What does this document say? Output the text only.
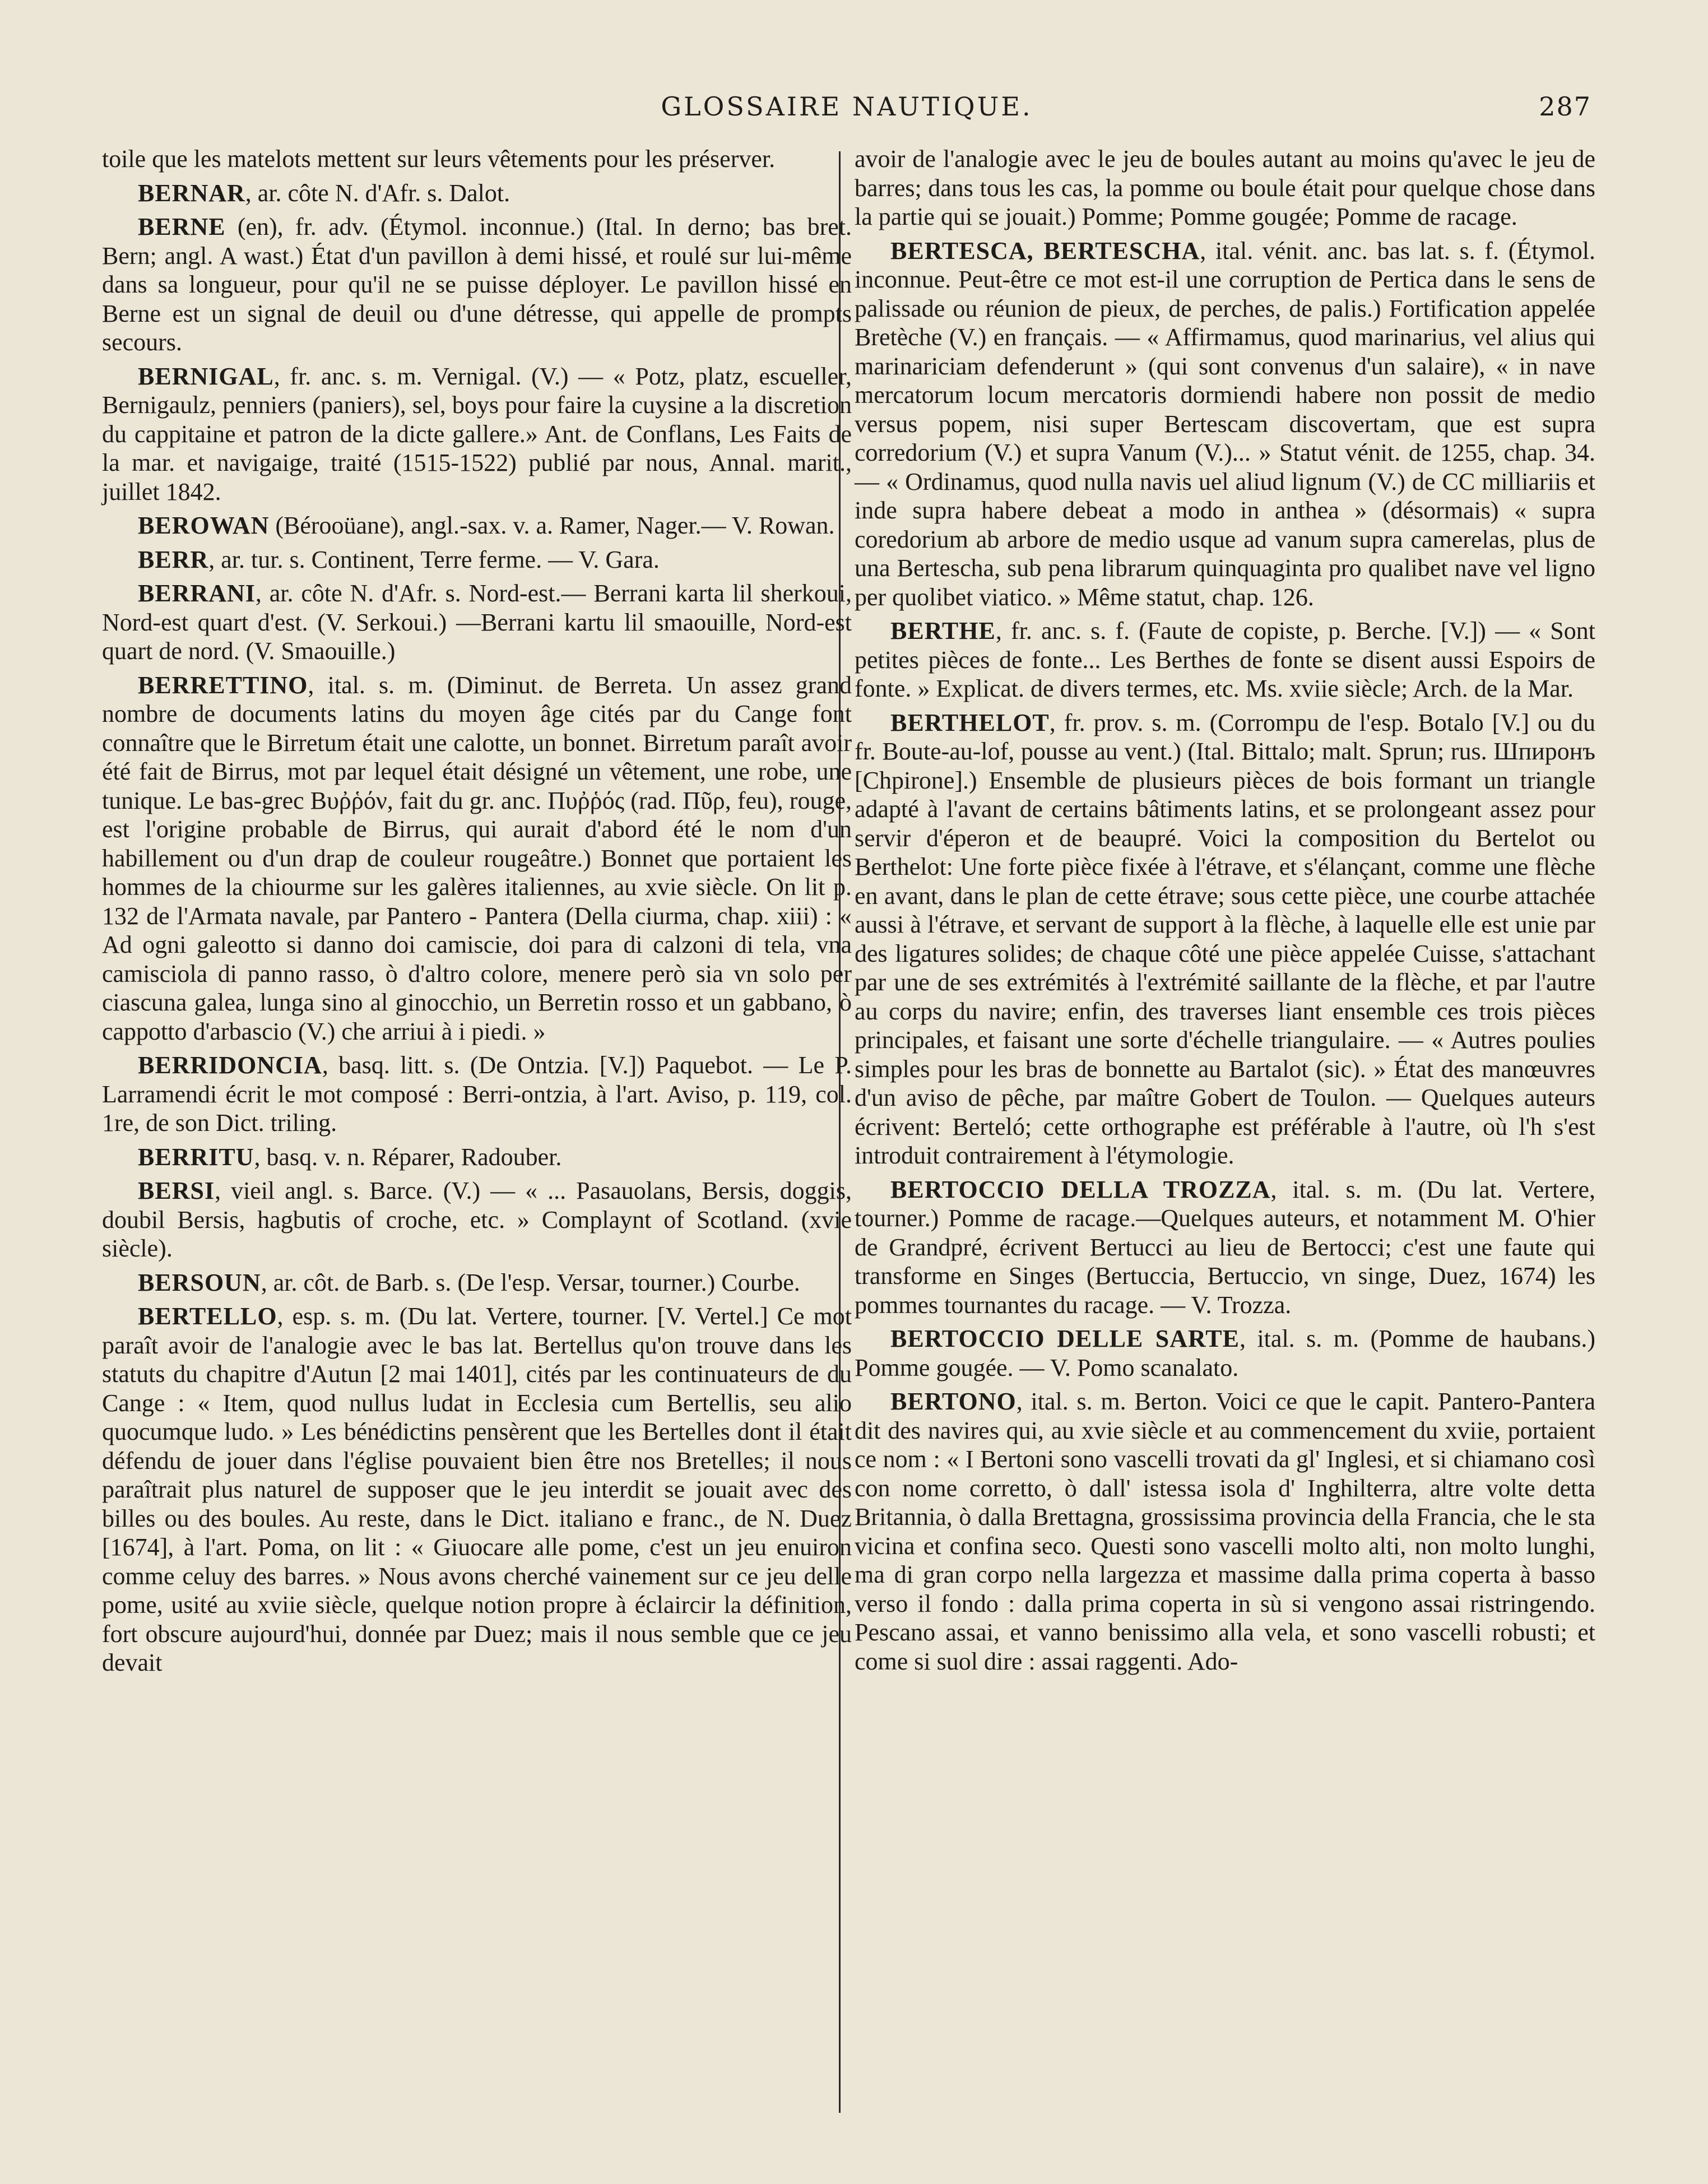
GLOSSAIRE NAUTIQUE.	287

toile que les matelots mettent sur leurs vêtements pour les préserver.

BERNAR, ar. côte N. d'Afr. s. Dalot.

BERNE (en), fr. adv. (Étymol. inconnue.) (Ital. In derno; bas bret. Bern; angl. A wast.) État d'un pavillon à demi hissé, et roulé sur lui-même dans sa longueur, pour qu'il ne se puisse déployer. Le pavillon hissé en Berne est un signal de deuil ou d'une détresse, qui appelle de prompts secours.

BERNIGAL, fr. anc. s. m. Vernigal. (V.) — « Potz, platz, escueller, Bernigaulz, penniers (paniers), sel, boys pour faire la cuysine a la discretion du cappitaine et patron de la dicte gallere.» Ant. de Conflans, Les Faits de la mar. et navigaige, traité (1515-1522) publié par nous, Annal. marit., juillet 1842.

BEROWAN (Bérooüane), angl.-sax. v. a. Ramer, Nager.— V. Rowan.

BERR, ar. tur. s. Continent, Terre ferme. — V. Gara.

BERRANI, ar. côte N. d'Afr. s. Nord-est.— Berrani karta lil sherkoui, Nord-est quart d'est. (V. Serkoui.) —Berrani kartu lil smaouille, Nord-est quart de nord. (V. Smaouille.)

BERRETTINO, ital. s. m. (Diminut. de Berreta. Un assez grand nombre de documents latins du moyen âge cités par du Cange font connaître que le Birretum était une calotte, un bonnet. Birretum paraît avoir été fait de Birrus, mot par lequel était désigné un vêtement, une robe, une tunique. Le bas-grec Βυῤῥόν, fait du gr. anc. Πυῤῥός (rad. Πῦρ, feu), rouge, est l'origine probable de Birrus, qui aurait d'abord été le nom d'un habillement ou d'un drap de couleur rougeâtre.) Bonnet que portaient les hommes de la chiourme sur les galères italiennes, au xvie siècle. On lit p. 132 de l'Armata navale, par Pantero - Pantera (Della ciurma, chap. xiii) : « Ad ogni galeotto si danno doi camiscie, doi para di calzoni di tela, vna camisciola di panno rasso, ò d'altro colore, menere però sia vn solo per ciascuna galea, lunga sino al ginocchio, un Berretin rosso et un gabbano, ò cappotto d'arbascio (V.) che arriui à i piedi. »

BERRIDONCIA, basq. litt. s. (De Ontzia. [V.]) Paquebot. — Le P. Larramendi écrit le mot composé : Berri-ontzia, à l'art. Aviso, p. 119, col. 1re, de son Dict. triling.

BERRITU, basq. v. n. Réparer, Radouber.

BERSI, vieil angl. s. Barce. (V.) — « ... Pasauolans, Bersis, doggis, doubil Bersis, hagbutis of croche, etc. » Complaynt of Scotland. (xvie siècle).

BERSOUN, ar. côt. de Barb. s. (De l'esp. Versar, tourner.) Courbe.

BERTELLO, esp. s. m. (Du lat. Vertere, tourner. [V. Vertel.] Ce mot paraît avoir de l'analogie avec le bas lat. Bertellus qu'on trouve dans les statuts du chapitre d'Autun [2 mai 1401], cités par les continuateurs de du Cange : « Item, quod nullus ludat in Ecclesia cum Bertellis, seu alio quocumque ludo. » Les bénédictins pensèrent que les Bertelles dont il était défendu de jouer dans l'église pouvaient bien être nos Bretelles; il nous paraîtrait plus naturel de supposer que le jeu interdit se jouait avec des billes ou des boules. Au reste, dans le Dict. italiano e franc., de N. Duez [1674], à l'art. Poma, on lit : « Giuocare alle pome, c'est un jeu enuiron comme celuy des barres. » Nous avons cherché vainement sur ce jeu delle pome, usité au xviie siècle, quelque notion propre à éclaircir la définition, fort obscure aujourd'hui, donnée par Duez; mais il nous semble que ce jeu devait

avoir de l'analogie avec le jeu de boules autant au moins qu'avec le jeu de barres; dans tous les cas, la pomme ou boule était pour quelque chose dans la partie qui se jouait.) Pomme; Pomme gougée; Pomme de racage.

BERTESCA, BERTESCHA, ital. vénit. anc. bas lat. s. f. (Étymol. inconnue. Peut-être ce mot est-il une corruption de Pertica dans le sens de palissade ou réunion de pieux, de perches, de palis.) Fortification appelée Bretèche (V.) en français. — « Affirmamus, quod marinarius, vel alius qui marinariciam defenderunt » (qui sont convenus d'un salaire), « in nave mercatorum locum mercatoris dormiendi habere non possit de medio versus popem, nisi super Bertescam discovertam, que est supra corredorium (V.) et supra Vanum (V.)... » Statut vénit. de 1255, chap. 34. — « Ordinamus, quod nulla navis uel aliud lignum (V.) de CC milliariis et inde supra habere debeat a modo in anthea » (désormais) « supra coredorium ab arbore de medio usque ad vanum supra camerelas, plus de una Bertescha, sub pena librarum quinquaginta pro qualibet nave vel ligno per quolibet viatico. » Même statut, chap. 126.

BERTHE, fr. anc. s. f. (Faute de copiste, p. Berche. [V.]) — « Sont petites pièces de fonte... Les Berthes de fonte se disent aussi Espoirs de fonte. » Explicat. de divers termes, etc. Ms. xviie siècle; Arch. de la Mar.

BERTHELOT, fr. prov. s. m. (Corrompu de l'esp. Botalo [V.] ou du fr. Boute-au-lof, pousse au vent.) (Ital. Bittalo; malt. Sprun; rus. Шпиронъ [Chpirone].) Ensemble de plusieurs pièces de bois formant un triangle adapté à l'avant de certains bâtiments latins, et se prolongeant assez pour servir d'éperon et de beaupré. Voici la composition du Bertelot ou Berthelot: Une forte pièce fixée à l'étrave, et s'élançant, comme une flèche en avant, dans le plan de cette étrave; sous cette pièce, une courbe attachée aussi à l'étrave, et servant de support à la flèche, à laquelle elle est unie par des ligatures solides; de chaque côté une pièce appelée Cuisse, s'attachant par une de ses extrémités à l'extrémité saillante de la flèche, et par l'autre au corps du navire; enfin, des traverses liant ensemble ces trois pièces principales, et faisant une sorte d'échelle triangulaire. — « Autres poulies simples pour les bras de bonnette au Bartalot (sic). » État des manœuvres d'un aviso de pêche, par maître Gobert de Toulon. — Quelques auteurs écrivent: Berteló; cette orthographe est préférable à l'autre, où l'h s'est introduit contrairement à l'étymologie.

BERTOCCIO DELLA TROZZA, ital. s. m. (Du lat. Vertere, tourner.) Pomme de racage.—Quelques auteurs, et notamment M. O'hier de Grandpré, écrivent Bertucci au lieu de Bertocci; c'est une faute qui transforme en Singes (Bertuccia, Bertuccio, vn singe, Duez, 1674) les pommes tournantes du racage. — V. Trozza.

BERTOCCIO DELLE SARTE, ital. s. m. (Pomme de haubans.) Pomme gougée. — V. Pomo scanalato.

BERTONO, ital. s. m. Berton. Voici ce que le capit. Pantero-Pantera dit des navires qui, au xvie siècle et au commencement du xviie, portaient ce nom : « I Bertoni sono vascelli trovati da gl' Inglesi, et si chiamano così con nome corretto, ò dall' istessa isola d' Inghilterra, altre volte detta Britannia, ò dalla Brettagna, grossissima provincia della Francia, che le sta vicina et confina seco. Questi sono vascelli molto alti, non molto lunghi, ma di gran corpo nella largezza et massime dalla prima coperta à basso verso il fondo : dalla prima coperta in sù si vengono assai ristringendo. Pescano assai, et vanno benissimo alla vela, et sono vascelli robusti; et come si suol dire : assai raggenti. Ado-
